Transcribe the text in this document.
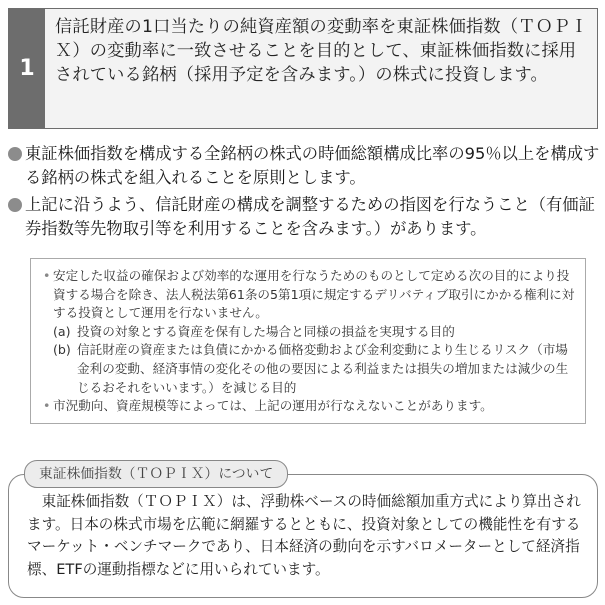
1
信託財産の1口当たりの純資産額の変動率を東証株価指数（ＴＯＰＩＸ）の変動率に一致させることを目的として、東証株価指数に採用されている銘柄（採用予定を含みます。）の株式に投資します。
東証株価指数を構成する全銘柄の株式の時価総額構成比率の95％以上を構成する銘柄の株式を組入れることを原則とします。
上記に沿うよう、信託財産の構成を調整するための指図を行なうこと（有価証券指数等先物取引等を利用することを含みます。）があります。
• 安定した収益の確保および効率的な運用を行なうためのものとして定める次の目的により投資する場合を除き、法人税法第61条の5第1項に規定するデリバティブ取引にかかる権利に対する投資として運用を行ないません。
(a) 投資の対象とする資産を保有した場合と同様の損益を実現する目的
(b) 信託財産の資産または負債にかかる価格変動および金利変動により生じるリスク（市場金利の変動、経済事情の変化その他の要因による利益または損失の増加または減少の生じるおそれをいいます。）を減じる目的
• 市況動向、資産規模等によっては、上記の運用が行なえないことがあります。
東証株価指数（ＴＯＰＩＸ）は、浮動株ベースの時価総額加重方式により算出されます。日本の株式市場を広範に網羅するとともに、投資対象としての機能性を有するマーケット・ベンチマークであり、日本経済の動向を示すバロメーターとして経済指標、ETFの運動指標などに用いられています。
東証株価指数（ＴＯＰＩＸ）について
